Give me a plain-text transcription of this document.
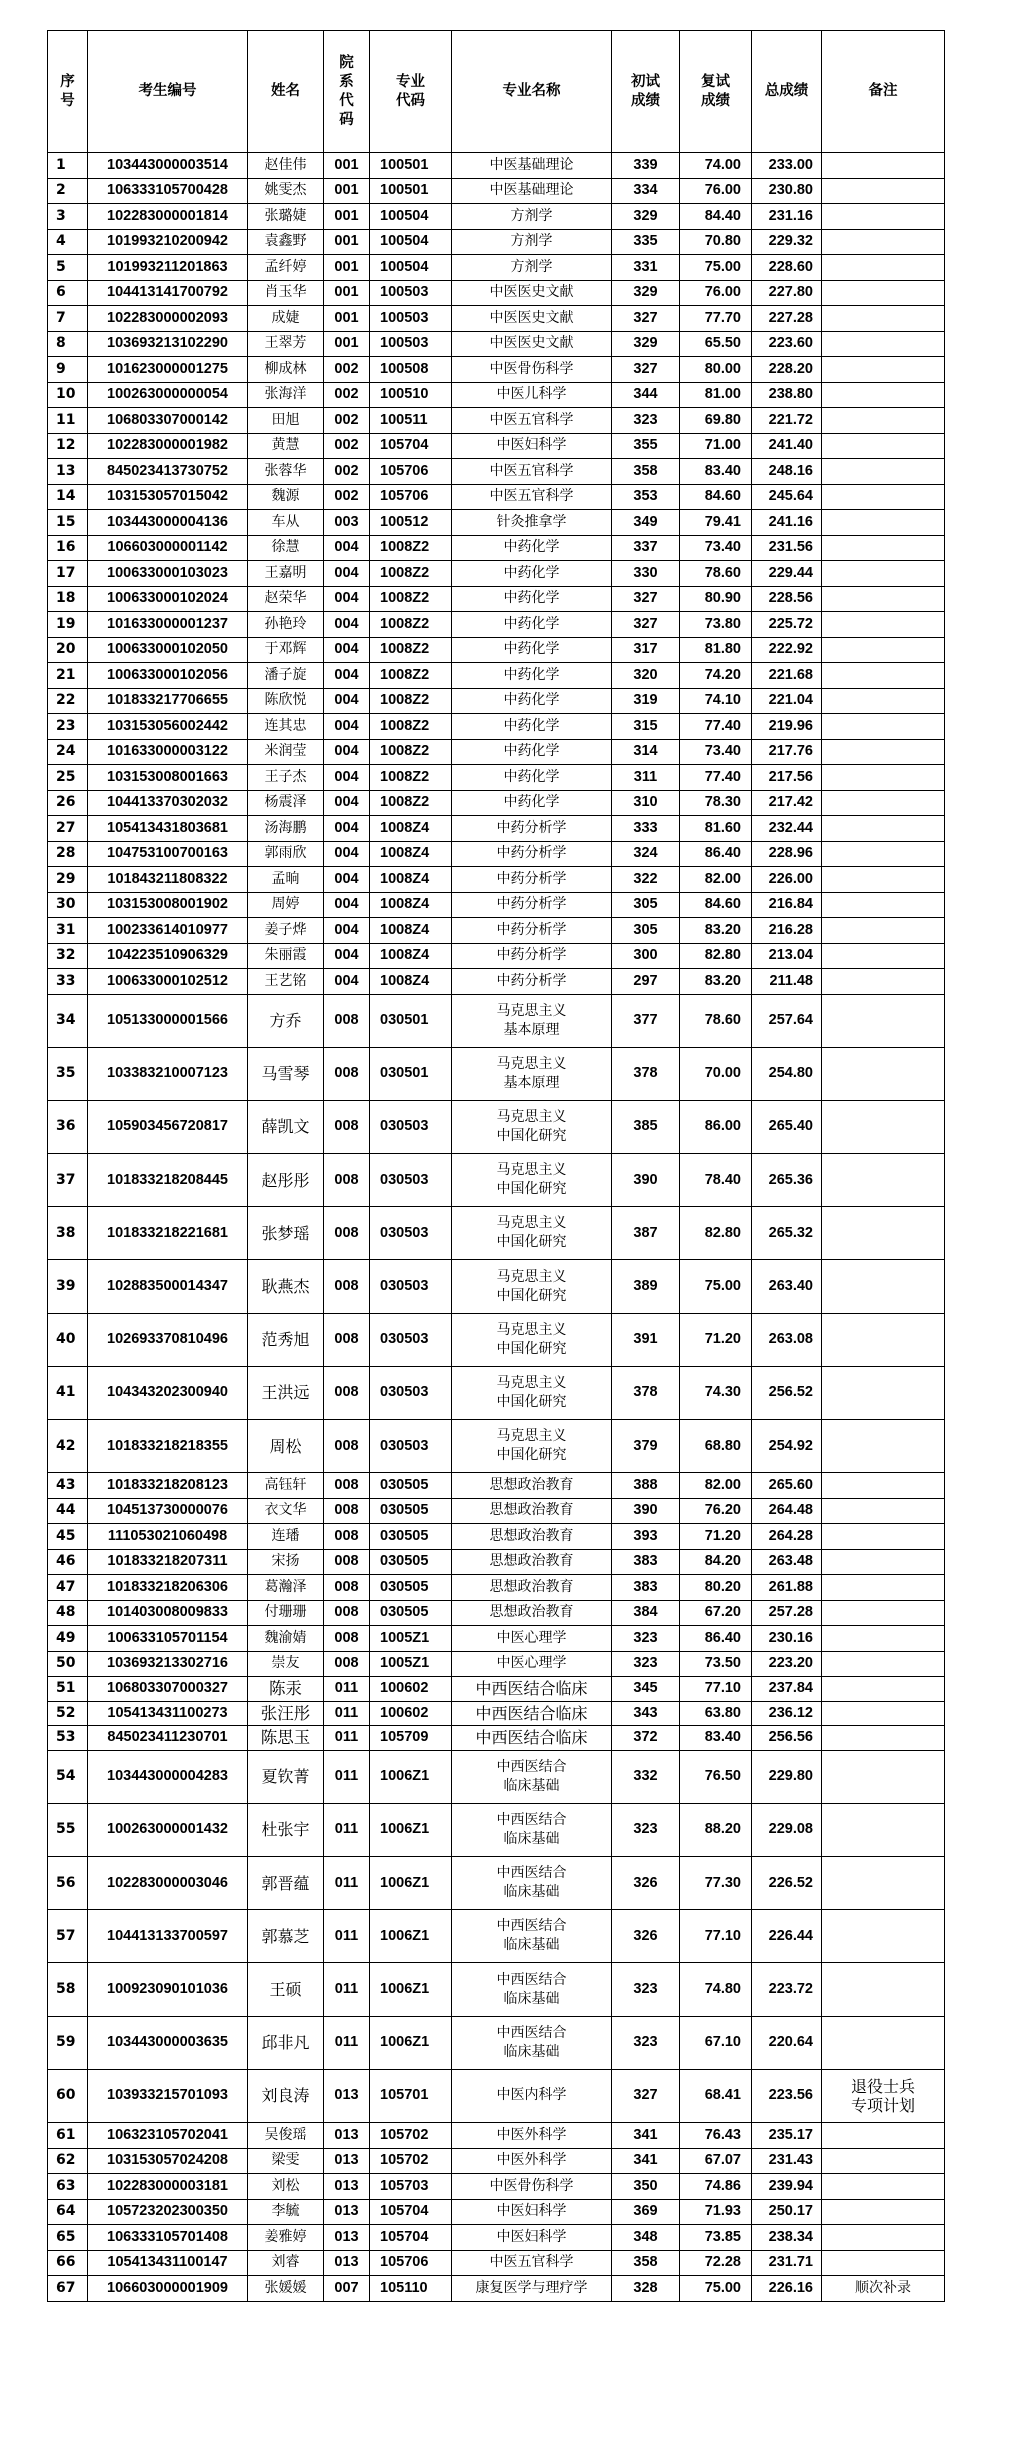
序
号	考生编号	姓名	院
系
代
码	专业
代码	专业名称	初试
成绩	复试
成绩	总成绩	备注
1	103443000003514	赵佳伟	001	100501	中医基础理论	339	74.00	233.00	
2	106333105700428	姚雯杰	001	100501	中医基础理论	334	76.00	230.80	
3	102283000001814	张璐婕	001	100504	方剂学	329	84.40	231.16	
4	101993210200942	袁鑫野	001	100504	方剂学	335	70.80	229.32	
5	101993211201863	孟纤婷	001	100504	方剂学	331	75.00	228.60	
6	104413141700792	肖玉华	001	100503	中医医史文献	329	76.00	227.80	
7	102283000002093	成婕	001	100503	中医医史文献	327	77.70	227.28	
8	103693213102290	王翠芳	001	100503	中医医史文献	329	65.50	223.60	
9	101623000001275	柳成林	002	100508	中医骨伤科学	327	80.00	228.20	
10	100263000000054	张海洋	002	100510	中医儿科学	344	81.00	238.80	
11	106803307000142	田旭	002	100511	中医五官科学	323	69.80	221.72	
12	102283000001982	黄慧	002	105704	中医妇科学	355	71.00	241.40	
13	845023413730752	张蓉华	002	105706	中医五官科学	358	83.40	248.16	
14	103153057015042	魏源	002	105706	中医五官科学	353	84.60	245.64	
15	103443000004136	车从	003	100512	针灸推拿学	349	79.41	241.16	
16	106603000001142	徐慧	004	1008Z2	中药化学	337	73.40	231.56	
17	100633000103023	王嘉明	004	1008Z2	中药化学	330	78.60	229.44	
18	100633000102024	赵荣华	004	1008Z2	中药化学	327	80.90	228.56	
19	101633000001237	孙艳玲	004	1008Z2	中药化学	327	73.80	225.72	
20	100633000102050	于邓辉	004	1008Z2	中药化学	317	81.80	222.92	
21	100633000102056	潘子旋	004	1008Z2	中药化学	320	74.20	221.68	
22	101833217706655	陈欣悦	004	1008Z2	中药化学	319	74.10	221.04	
23	103153056002442	连其忠	004	1008Z2	中药化学	315	77.40	219.96	
24	101633000003122	米润莹	004	1008Z2	中药化学	314	73.40	217.76	
25	103153008001663	王子杰	004	1008Z2	中药化学	311	77.40	217.56	
26	104413370302032	杨震泽	004	1008Z2	中药化学	310	78.30	217.42	
27	105413431803681	汤海鹏	004	1008Z4	中药分析学	333	81.60	232.44	
28	104753100700163	郭雨欣	004	1008Z4	中药分析学	324	86.40	228.96	
29	101843211808322	孟晌	004	1008Z4	中药分析学	322	82.00	226.00	
30	103153008001902	周婷	004	1008Z4	中药分析学	305	84.60	216.84	
31	100233614010977	姜子烨	004	1008Z4	中药分析学	305	83.20	216.28	
32	104223510906329	朱丽霞	004	1008Z4	中药分析学	300	82.80	213.04	
33	100633000102512	王艺铭	004	1008Z4	中药分析学	297	83.20	211.48	
34	105133000001566	方乔	008	030501	马克思主义
基本原理	377	78.60	257.64	
35	103383210007123	马雪琴	008	030501	马克思主义
基本原理	378	70.00	254.80	
36	105903456720817	薛凯文	008	030503	马克思主义
中国化研究	385	86.00	265.40	
37	101833218208445	赵彤彤	008	030503	马克思主义
中国化研究	390	78.40	265.36	
38	101833218221681	张梦瑶	008	030503	马克思主义
中国化研究	387	82.80	265.32	
39	102883500014347	耿燕杰	008	030503	马克思主义
中国化研究	389	75.00	263.40	
40	102693370810496	范秀旭	008	030503	马克思主义
中国化研究	391	71.20	263.08	
41	104343202300940	王洪远	008	030503	马克思主义
中国化研究	378	74.30	256.52	
42	101833218218355	周松	008	030503	马克思主义
中国化研究	379	68.80	254.92	
43	101833218208123	高钰轩	008	030505	思想政治教育	388	82.00	265.60	
44	104513730000076	衣文华	008	030505	思想政治教育	390	76.20	264.48	
45	111053021060498	连璠	008	030505	思想政治教育	393	71.20	264.28	
46	101833218207311	宋扬	008	030505	思想政治教育	383	84.20	263.48	
47	101833218206306	葛瀚泽	008	030505	思想政治教育	383	80.20	261.88	
48	101403008009833	付珊珊	008	030505	思想政治教育	384	67.20	257.28	
49	100633105701154	魏渝婧	008	1005Z1	中医心理学	323	86.40	230.16	
50	103693213302716	崇友	008	1005Z1	中医心理学	323	73.50	223.20	
51	106803307000327	陈汞	011	100602	中西医结合临床	345	77.10	237.84	
52	105413431100273	张汪彤	011	100602	中西医结合临床	343	63.80	236.12	
53	845023411230701	陈思玉	011	105709	中西医结合临床	372	83.40	256.56	
54	103443000004283	夏钦菁	011	1006Z1	中西医结合
临床基础	332	76.50	229.80	
55	100263000001432	杜张宇	011	1006Z1	中西医结合
临床基础	323	88.20	229.08	
56	102283000003046	郭晋蕴	011	1006Z1	中西医结合
临床基础	326	77.30	226.52	
57	104413133700597	郭慕芝	011	1006Z1	中西医结合
临床基础	326	77.10	226.44	
58	100923090101036	王硕	011	1006Z1	中西医结合
临床基础	323	74.80	223.72	
59	103443000003635	邱非凡	011	1006Z1	中西医结合
临床基础	323	67.10	220.64	
60	103933215701093	刘良涛	013	105701	中医内科学	327	68.41	223.56	退役士兵
专项计划
61	106323105702041	吴俊瑶	013	105702	中医外科学	341	76.43	235.17	
62	103153057024208	梁雯	013	105702	中医外科学	341	67.07	231.43	
63	102283000003181	刘松	013	105703	中医骨伤科学	350	74.86	239.94	
64	105723202300350	李毓	013	105704	中医妇科学	369	71.93	250.17	
65	106333105701408	姜雅婷	013	105704	中医妇科学	348	73.85	238.34	
66	105413431100147	刘睿	013	105706	中医五官科学	358	72.28	231.71	
67	106603000001909	张媛媛	007	105110	康复医学与理疗学	328	75.00	226.16	顺次补录
